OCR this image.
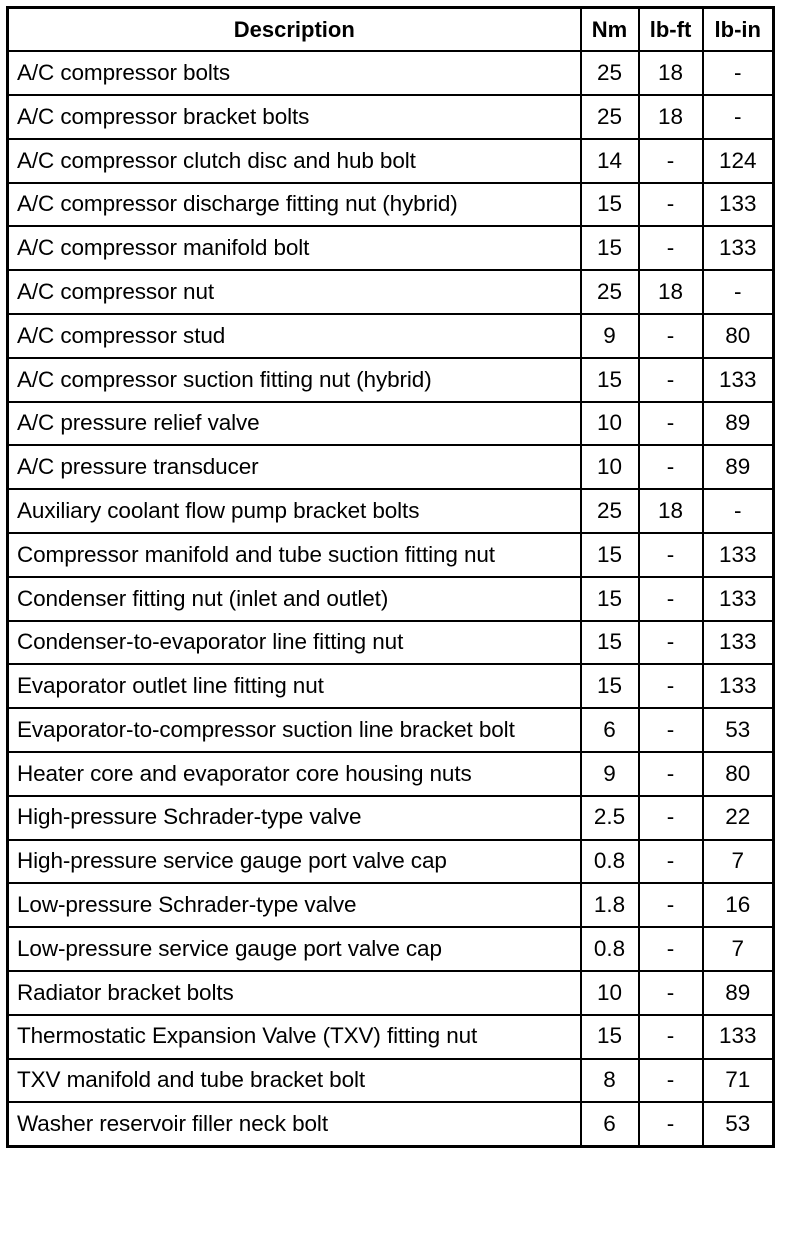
Description	Nm	lb-ft	lb-in
A/C compressor bolts	25	18	-
A/C compressor bracket bolts	25	18	-
A/C compressor clutch disc and hub bolt	14	-	124
A/C compressor discharge fitting nut (hybrid)	15	-	133
A/C compressor manifold bolt	15	-	133
A/C compressor nut	25	18	-
A/C compressor stud	9	-	80
A/C compressor suction fitting nut (hybrid)	15	-	133
A/C pressure relief valve	10	-	89
A/C pressure transducer	10	-	89
Auxiliary coolant flow pump bracket bolts	25	18	-
Compressor manifold and tube suction fitting nut	15	-	133
Condenser fitting nut (inlet and outlet)	15	-	133
Condenser-to-evaporator line fitting nut	15	-	133
Evaporator outlet line fitting nut	15	-	133
Evaporator-to-compressor suction line bracket bolt	6	-	53
Heater core and evaporator core housing nuts	9	-	80
High-pressure Schrader-type valve	2.5	-	22
High-pressure service gauge port valve cap	0.8	-	7
Low-pressure Schrader-type valve	1.8	-	16
Low-pressure service gauge port valve cap	0.8	-	7
Radiator bracket bolts	10	-	89
Thermostatic Expansion Valve (TXV) fitting nut	15	-	133
TXV manifold and tube bracket bolt	8	-	71
Washer reservoir filler neck bolt	6	-	53
